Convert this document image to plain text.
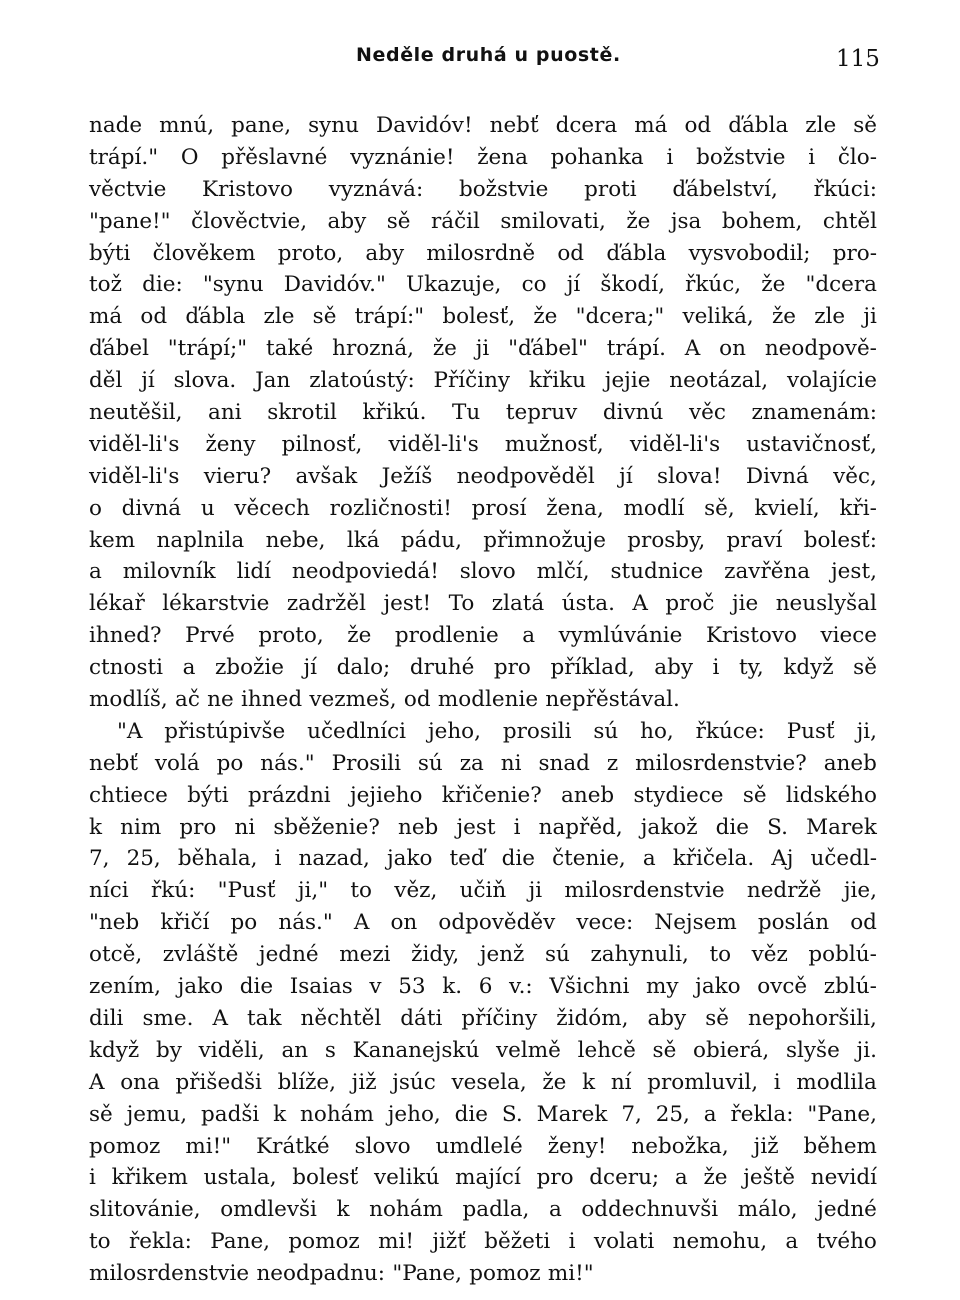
Neděle druhá u puostě.	115
nade mnú, pane, synu Davidóv! nebť dcera má od ďábla zle sě
trápí." O přěslavné vyznánie! žena pohanka i božstvie i člo-
věctvie Kristovo vyznává: božstvie proti ďábelství, řkúci:
"pane!" člověctvie, aby sě ráčil smilovati, že jsa bohem, chtěl
býti člověkem proto, aby milosrdně od ďábla vysvobodil; pro-
tož die: "synu Davidóv." Ukazuje, co jí škodí, řkúc, že "dcera
má od ďábla zle sě trápí:" bolesť, že "dcera;" veliká, že zle ji
ďábel "trápí;" také hrozná, že ji "ďábel" trápí. A on neodpově-
děl jí slova. Jan zlatoústý: Příčiny křiku jejie neotázal, volajície
neutěšil, ani skrotil křikú. Tu tepruv divnú věc znamenám:
viděl-li's ženy pilnosť, viděl-li's mužnosť, viděl-li's ustavičnosť,
viděl-li's vieru? avšak Ježíš neodpověděl jí slova! Divná věc,
o divná u věcech rozličnosti! prosí žena, modlí sě, kvielí, kři-
kem naplnila nebe, lká pádu, přimnožuje prosby, praví bolesť:
a milovník lidí neodpoviedá! slovo mlčí, studnice zavřěna jest,
lékař lékarstvie zadržěl jest! To zlatá ústa. A proč jie neuslyšal
ihned? Prvé proto, že prodlenie a vymlúvánie Kristovo viece
ctnosti a zbožie jí dalo; druhé pro příklad, aby i ty, když sě
modlíš, ač ne ihned vezmeš, od modlenie nepřěstával.
"A přistúpivše učedlníci jeho, prosili sú ho, řkúce: Pusť ji,
nebť volá po nás." Prosili sú za ni snad z milosrdenstvie? aneb
chtiece býti prázdni jejieho křičenie? aneb stydiece sě lidského
k nim pro ni sběženie? neb jest i napřěd, jakož die S. Marek
7, 25, běhala, i nazad, jako teď die čtenie, a křičela. Aj učedl-
níci řkú: "Pusť ji," to věz, učiň ji milosrdenstvie nedržě jie,
"neb křičí po nás." A on odpověděv vece: Nejsem poslán od
otcě, zvláště jedné mezi židy, jenž sú zahynuli, to věz poblú-
zením, jako die Isaias v 53 k. 6 v.: Všichni my jako ovcě zblú-
dili sme. A tak něchtěl dáti příčiny židóm, aby sě nepohoršili,
když by viděli, an s Kananejskú velmě lehcě sě obierá, slyše ji.
A ona přišedši blíže, již jsúc vesela, že k ní promluvil, i modlila
sě jemu, padši k nohám jeho, die S. Marek 7, 25, a řekla: "Pane,
pomoz mi!" Krátké slovo umdlelé ženy! nebožka, již během
i křikem ustala, bolesť velikú mající pro dceru; a že ještě nevidí
slitovánie, omdlevši k nohám padla, a oddechnuvši málo, jedné
to řekla: Pane, pomoz mi! jižť běžeti i volati nemohu, a tvého
milosrdenstvie neodpadnu: "Pane, pomoz mi!"
